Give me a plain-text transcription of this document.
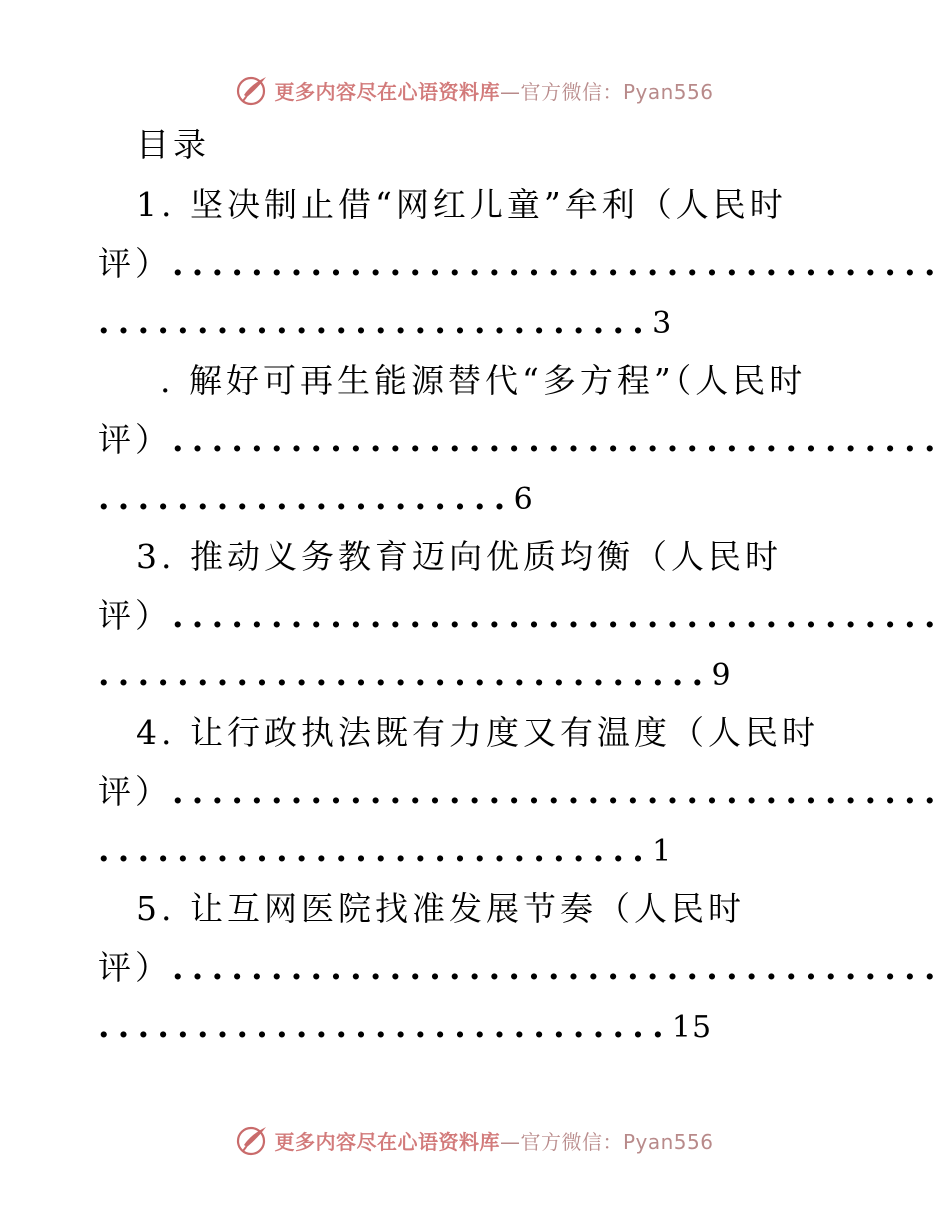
更多内容尽在心语资料库—官方微信：Pyan556
目录
1. 坚决制止借“网红儿童”牟利（人民时
评）.......................................
............................3
. 解好可再生能源替代“多方程”（人民时
评）.......................................
.....................6
3. 推动义务教育迈向优质均衡（人民时
评）.......................................
...............................9
4. 让行政执法既有力度又有温度（人民时
评）.......................................
............................1
5. 让互网医院找准发展节奏（人民时
评）.......................................
.............................15
更多内容尽在心语资料库—官方微信：Pyan556
